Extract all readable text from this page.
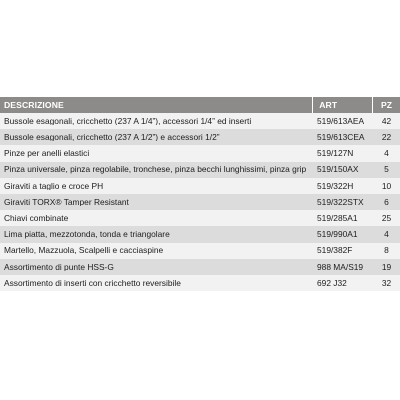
DESCRIZIONE	ART	PZ
Bussole esagonali, cricchetto (237 A 1/4”), accessori 1/4” ed inserti	519/613AEA	42
Bussole esagonali, cricchetto (237 A 1/2”) e accessori 1/2”	519/613CEA	22
Pinze per anelli elastici	519/127N	4
Pinza universale, pinza regolabile, tronchese, pinza becchi lunghissimi, pinza grip	519/150AX	5
Giraviti a taglio e croce PH	519/322H	10
Giraviti TORX® Tamper Resistant	519/322STX	6
Chiavi combinate	519/285A1	25
Lima piatta, mezzotonda, tonda e triangolare	519/990A1	4
Martello, Mazzuola, Scalpelli e cacciaspine	519/382F	8
Assortimento di punte HSS-G	988 MA/S19	19
Assortimento di inserti con cricchetto reversibile	692 J32	32
